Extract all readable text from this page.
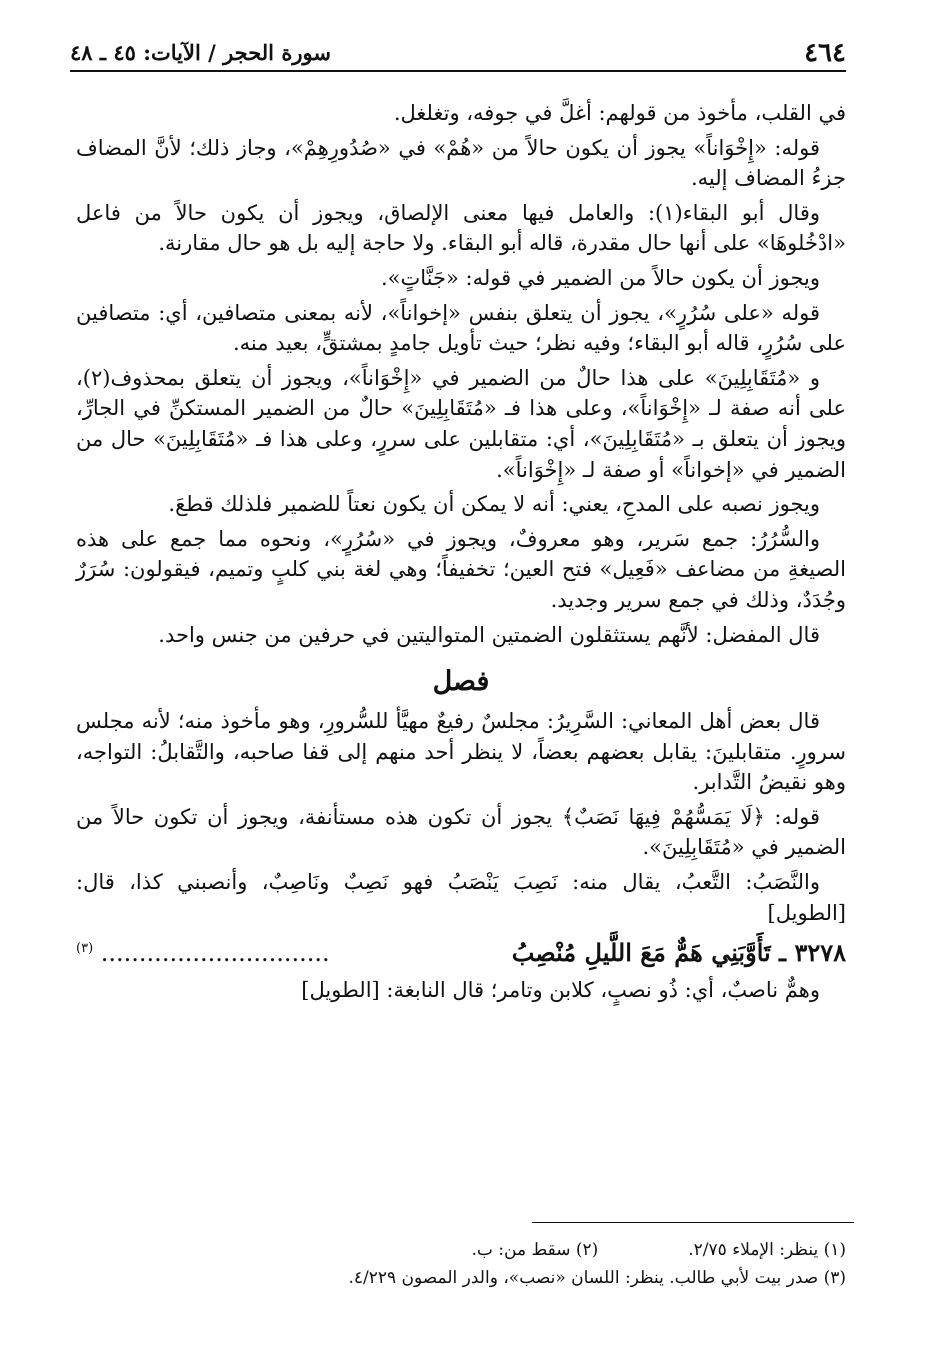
٤٦٤
سورة الحجر / الآيات: ٤٥ ـ ٤٨

في القلب، مأخوذ من قولهم: أغلَّ في جوفه، وتغلغل.

قوله: «إِخْوَاناً» يجوز أن يكون حالاً من «هُمْ» في «صُدُورِهِمْ»، وجاز ذلك؛ لأنَّ المضاف جزءُ المضاف إليه.

وقال أبو البقاء(١): والعامل فيها معنى الإلصاق، ويجوز أن يكون حالاً من فاعل «ادْخُلوهَا» على أنها حال مقدرة، قاله أبو البقاء. ولا حاجة إليه بل هو حال مقارنة.

ويجوز أن يكون حالاً من الضمير في قوله: «جَنَّاتٍ».

قوله «على سُرُرٍ»، يجوز أن يتعلق بنفس «إخواناً»، لأنه بمعنى متصافين، أي: متصافين على سُرُرٍ، قاله أبو البقاء؛ وفيه نظر؛ حيث تأويل جامدٍ بمشتقٍّ، بعيد منه.

و «مُتَقَابِلِينَ» على هذا حالٌ من الضمير في «إِخْوَاناً»، ويجوز أن يتعلق بمحذوف(٢)، على أنه صفة لـ «إِخْوَاناً»، وعلى هذا فـ «مُتَقَابِلِينَ» حالٌ من الضمير المستكنِّ في الجارِّ، ويجوز أن يتعلق بـ «مُتَقَابِلِينَ»، أي: متقابلين على سررٍ، وعلى هذا فـ «مُتَقَابِلِينَ» حال من الضمير في «إخواناً» أو صفة لـ «إِخْوَاناً».

ويجوز نصبه على المدحِ، يعني: أنه لا يمكن أن يكون نعتاً للضمير فلذلك قطعَ.

والسُّرُرُ: جمع سَرير، وهو معروفٌ، ويجوز في «سُرُرٍ»، ونحوه مما جمع على هذه الصيغةِ من مضاعف «فَعِيل» فتح العين؛ تخفيفاً؛ وهي لغة بني كلبٍ وتميم، فيقولون: سُرَرٌ وجُدَدٌ، وذلك في جمع سرير وجديد.

قال المفضل: لأنَّهم يستثقلون الضمتين المتواليتين في حرفين من جنس واحد.

فصل

قال بعض أهل المعاني: السَّرِيرُ: مجلسٌ رفيعٌ مهيَّأ للسُّرورِ، وهو مأخوذ منه؛ لأنه مجلس سرورٍ. متقابلينَ: يقابل بعضهم بعضاً، لا ينظر أحد منهم إلى قفا صاحبه، والتَّقابلُ: التواجه، وهو نقيضُ التَّدابر.

قوله: ﴿لَا يَمَسُّهُمْ فِيهَا نَصَبٌ﴾ يجوز أن تكون هذه مستأنفة، ويجوز أن تكون حالاً من الضمير في «مُتَقَابِلِينَ».

والنَّصَبُ: التَّعبُ، يقال منه: نَصِبَ يَنْصَبُ فهو نَصِبٌ ونَاصِبٌ، وأنصبني كذا، قال: [الطويل]

٣٢٧٨ ـ تَأَوَّبَنِي هَمٌّ مَعَ اللَّيلِ مُنْصِبُ
.............................. $^{(٣)}$

وهمٌّ ناصبٌ، أي: ذُو نصبٍ، كلابن وتامر؛ قال النابغة: [الطويل]

(١) ينظر: الإملاء ٢/٧٥.
(٢) سقط من: ب.
(٣) صدر بيت لأبي طالب. ينظر: اللسان «نصب»، والدر المصون ٤/٢٢٩.
